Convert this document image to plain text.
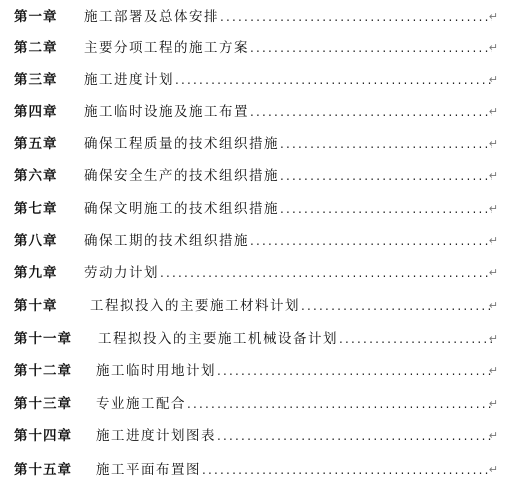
第一章	施工部署及总体安排 .....	↵
第二章	主要分项工程的施工方案 .....	↵
第三章	施工进度计划 .....	↵
第四章	施工临时设施及施工布置 .....	↵
第五章	确保工程质量的技术组织措施 .....	↵
第六章	确保安全生产的技术组织措施 .....	↵
第七章	确保文明施工的技术组织措施 .....	↵
第八章	确保工期的技术组织措施 .....	↵
第九章	劳动力计划 .....	↵
第十章	工程拟投入的主要施工材料计划 .....	↵
第十一章	工程拟投入的主要施工机械设备计划 .....	↵
第十二章	施工临时用地计划 .....	↵
第十三章	专业施工配合 .....	↵
第十四章	施工进度计划图表 .....	↵
第十五章	施工平面布置图 .....	↵
